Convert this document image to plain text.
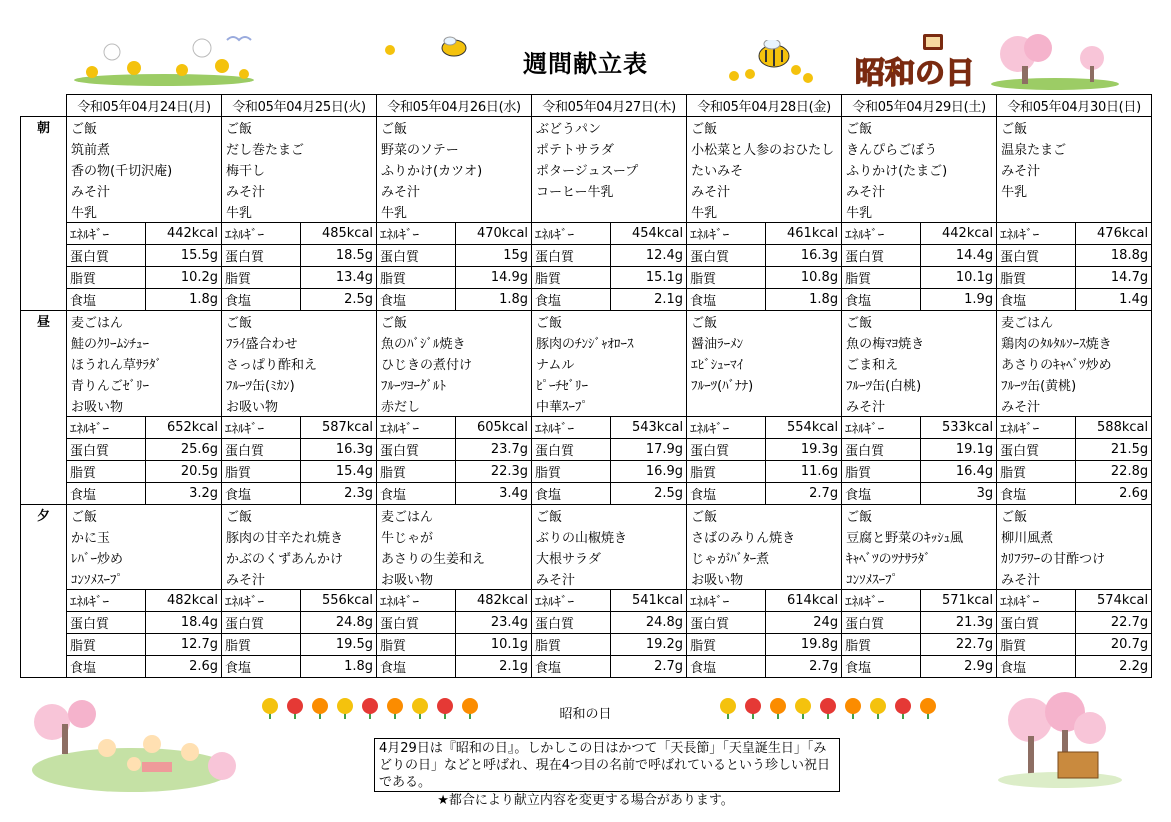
週間献立表	昭和の日
	令和05年04月24日(月)		令和05年04月25日(火)		令和05年04月26日(水)		令和05年04月27日(木)		令和05年04月28日(金)		令和05年04月29日(土)		令和05年04月30日(日)	
朝	ご飯		ご飯		ご飯		ぶどうパン		ご飯		ご飯		ご飯	
	筑前煮		だし巻たまご		野菜のソテー		ポテトサラダ		小松菜と人参のおひたし		きんぴらごぼう		温泉たまご	
	香の物(千切沢庵)		梅干し		ふりかけ(カツオ)		ポタージュスープ		たいみそ		ふりかけ(たまご)		みそ汁	
	みそ汁		みそ汁		みそ汁		コーヒー牛乳		みそ汁		みそ汁		牛乳	
	牛乳		牛乳		牛乳				牛乳		牛乳			
	ｴﾈﾙｷﾞｰ	442kcal	ｴﾈﾙｷﾞｰ	485kcal	ｴﾈﾙｷﾞｰ	470kcal	ｴﾈﾙｷﾞｰ	454kcal	ｴﾈﾙｷﾞｰ	461kcal	ｴﾈﾙｷﾞｰ	442kcal	ｴﾈﾙｷﾞｰ	476kcal
	蛋白質	15.5g	蛋白質	18.5g	蛋白質	15g	蛋白質	12.4g	蛋白質	16.3g	蛋白質	14.4g	蛋白質	18.8g
	脂質	10.2g	脂質	13.4g	脂質	14.9g	脂質	15.1g	脂質	10.8g	脂質	10.1g	脂質	14.7g
	食塩	1.8g	食塩	2.5g	食塩	1.8g	食塩	2.1g	食塩	1.8g	食塩	1.9g	食塩	1.4g
昼	麦ごはん		ご飯		ご飯		ご飯		ご飯		ご飯		麦ごはん	
	鮭のｸﾘｰﾑｼﾁｭｰ		ﾌﾗｲ盛合わせ		魚のﾊﾞｼﾞﾙ焼き		豚肉のﾁﾝｼﾞｬｵﾛｰｽ		醤油ﾗｰﾒﾝ		魚の梅ﾏﾖ焼き		鶏肉のﾀﾙﾀﾙｿｰｽ焼き	
	ほうれん草ｻﾗﾀﾞ		さっぱり酢和え		ひじきの煮付け		ナムル		ｴﾋﾞｼｭｰﾏｲ		ごま和え		あさりのｷｬﾍﾞﾂ炒め	
	青りんごｾﾞﾘｰ		ﾌﾙｰﾂ缶(ﾐｶﾝ)		ﾌﾙｰﾂﾖｰｸﾞﾙﾄ		ﾋﾟｰﾁｾﾞﾘｰ		ﾌﾙｰﾂ(ﾊﾞﾅﾅ)		ﾌﾙｰﾂ缶(白桃)		ﾌﾙｰﾂ缶(黄桃)	
	お吸い物		お吸い物		赤だし		中華ｽｰﾌﾟ				みそ汁		みそ汁	
	ｴﾈﾙｷﾞｰ	652kcal	ｴﾈﾙｷﾞｰ	587kcal	ｴﾈﾙｷﾞｰ	605kcal	ｴﾈﾙｷﾞｰ	543kcal	ｴﾈﾙｷﾞｰ	554kcal	ｴﾈﾙｷﾞｰ	533kcal	ｴﾈﾙｷﾞｰ	588kcal
	蛋白質	25.6g	蛋白質	16.3g	蛋白質	23.7g	蛋白質	17.9g	蛋白質	19.3g	蛋白質	19.1g	蛋白質	21.5g
	脂質	20.5g	脂質	15.4g	脂質	22.3g	脂質	16.9g	脂質	11.6g	脂質	16.4g	脂質	22.8g
	食塩	3.2g	食塩	2.3g	食塩	3.4g	食塩	2.5g	食塩	2.7g	食塩	3g	食塩	2.6g
夕	ご飯		ご飯		麦ごはん		ご飯		ご飯		ご飯		ご飯	
	かに玉		豚肉の甘辛たれ焼き		牛じゃが		ぶりの山椒焼き		さばのみりん焼き		豆腐と野菜のｷｯｼｭ風		柳川風煮	
	ﾚﾊﾞｰ炒め		かぶのくずあんかけ		あさりの生姜和え		大根サラダ		じゃがﾊﾞﾀｰ煮		ｷｬﾍﾞﾂのﾂﾅｻﾗﾀﾞ		ｶﾘﾌﾗﾜｰの甘酢つけ	
	ｺﾝｿﾒｽｰﾌﾟ		みそ汁		お吸い物		みそ汁		お吸い物		ｺﾝｿﾒｽｰﾌﾟ		みそ汁	
	ｴﾈﾙｷﾞｰ	482kcal	ｴﾈﾙｷﾞｰ	556kcal	ｴﾈﾙｷﾞｰ	482kcal	ｴﾈﾙｷﾞｰ	541kcal	ｴﾈﾙｷﾞｰ	614kcal	ｴﾈﾙｷﾞｰ	571kcal	ｴﾈﾙｷﾞｰ	574kcal
	蛋白質	18.4g	蛋白質	24.8g	蛋白質	23.4g	蛋白質	24.8g	蛋白質	24g	蛋白質	21.3g	蛋白質	22.7g
	脂質	12.7g	脂質	19.5g	脂質	10.1g	脂質	19.2g	脂質	19.8g	脂質	22.7g	脂質	20.7g
	食塩	2.6g	食塩	1.8g	食塩	2.1g	食塩	2.7g	食塩	2.7g	食塩	2.9g	食塩	2.2g
昭和の日
4月29日は『昭和の日』。しかしこの日はかつて「天長節」「天皇誕生日」「みどりの日」などと呼ばれ、現在4つ目の名前で呼ばれているという珍しい祝日である。
★都合により献立内容を変更する場合があります。
